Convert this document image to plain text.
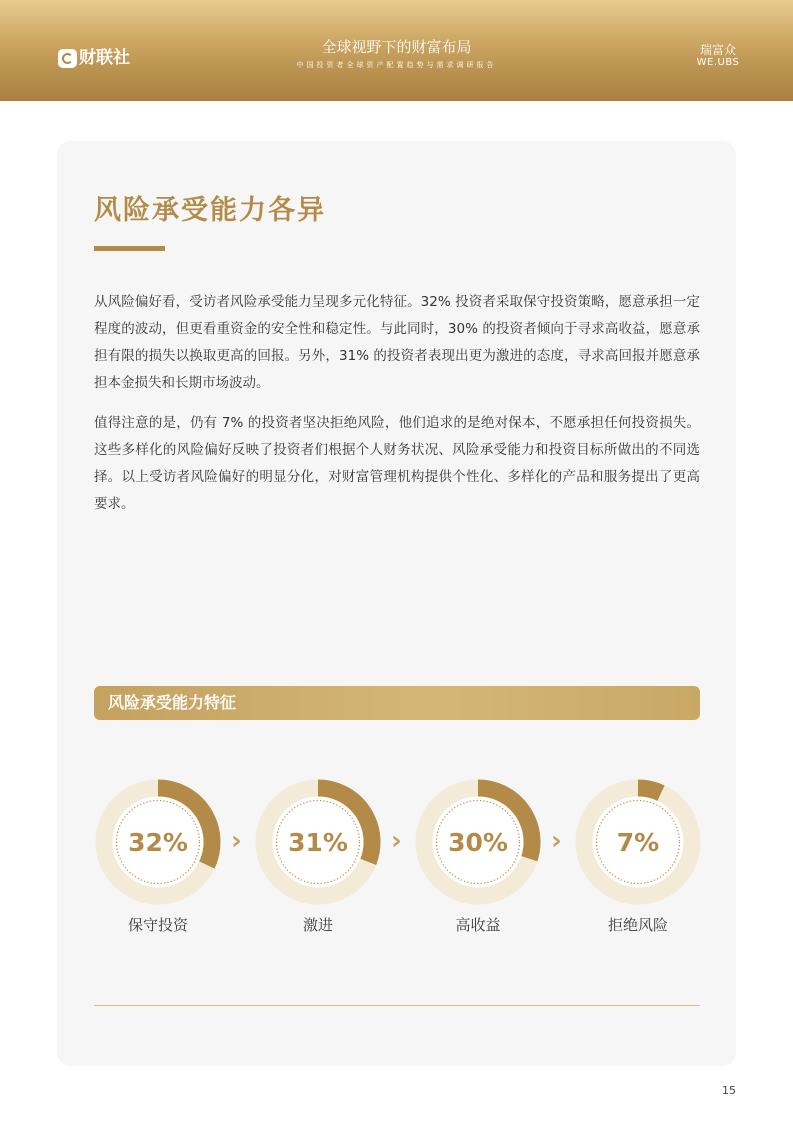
财联社
全球视野下的财富布局
中国投资者全球资产配置趋势与需求调研报告
瑞富众
WE.UBS
风险承受能力各异

从风险偏好看，受访者风险承受能力呈现多元化特征。32% 投资者采取保守投资策略，愿意承担一定程度的波动，但更看重资金的安全性和稳定性。与此同时，30% 的投资者倾向于寻求高收益，愿意承担有限的损失以换取更高的回报。另外，31% 的投资者表现出更为激进的态度，寻求高回报并愿意承担本金损失和长期市场波动。

值得注意的是，仍有 7% 的投资者坚决拒绝风险，他们追求的是绝对保本，不愿承担任何投资损失。这些多样化的风险偏好反映了投资者们根据个人财务状况、风险承受能力和投资目标所做出的不同选择。以上受访者风险偏好的明显分化，对财富管理机构提供个性化、多样化的产品和服务提出了更高要求。

风险承受能力特征
32%
保守投资
› 31%
激进
› 30%
高收益
› 7%
拒绝风险
15
